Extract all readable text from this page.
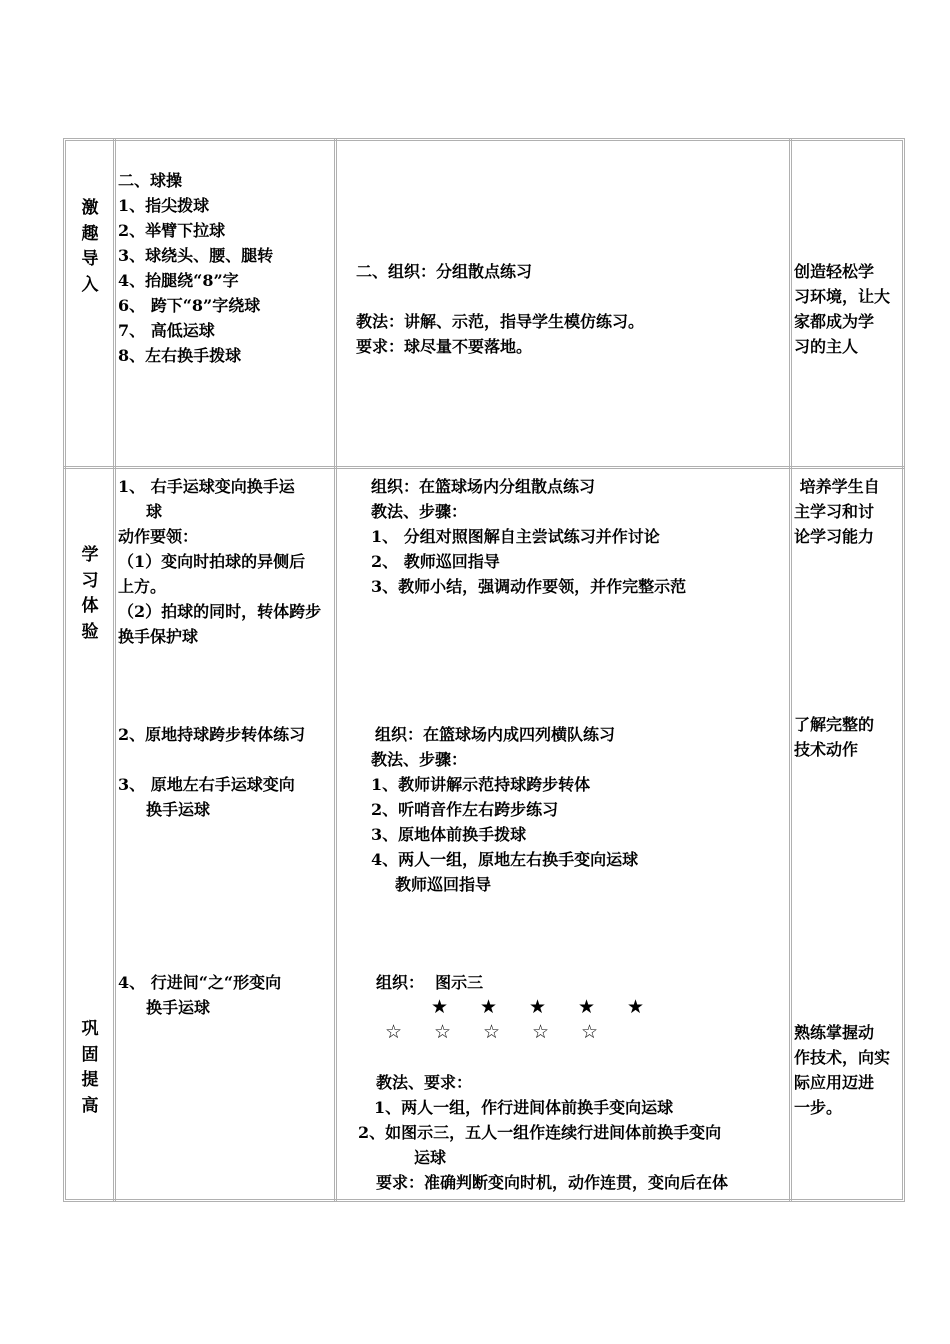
激

趣

导

入

二、球操

1、指尖拨球

2、举臂下拉球

3、球绕头、腰、腿转

4、抬腿绕“8”字

6、 跨下“8”字绕球

7、 高低运球

8、左右换手拨球

二、组织：分组散点练习

教法：讲解、示范，指导学生模仿练习。

要求：球尽量不要落地。

创造轻松学

习环境，让大

家都成为学

习的主人

学

习

体

验

1、 右手运球变向换手运

球

动作要领：

（1）变向时拍球的异侧后

上方。

（2）拍球的同时，转体跨步

换手保护球

组织：在篮球场内分组散点练习

教法、步骤：

1、 分组对照图解自主尝试练习并作讨论

2、 教师巡回指导

3、教师小结，强调动作要领，并作完整示范

培养学生自

主学习和讨

论学习能力

2、原地持球跨步转体练习

3、 原地左右手运球变向

换手运球

组织：在篮球场内成四列横队练习

教法、步骤：

1、教师讲解示范持球跨步转体

2、听哨音作左右跨步练习

3、原地体前换手拨球

4、两人一组，原地左右换手变向运球

教师巡回指导

了解完整的

技术动作

巩

固

提

高

4、 行进间“之“形变向

换手运球

组织：  图示三

★ ★ ★ ★ ★
☆ ☆ ☆ ☆ ☆

教法、要求：

1、两人一组，作行进间体前换手变向运球

2、如图示三，五人一组作连续行进间体前换手变向

运球

要求：准确判断变向时机，动作连贯，变向后在体

熟练掌握动

作技术，向实

际应用迈进

一步。
